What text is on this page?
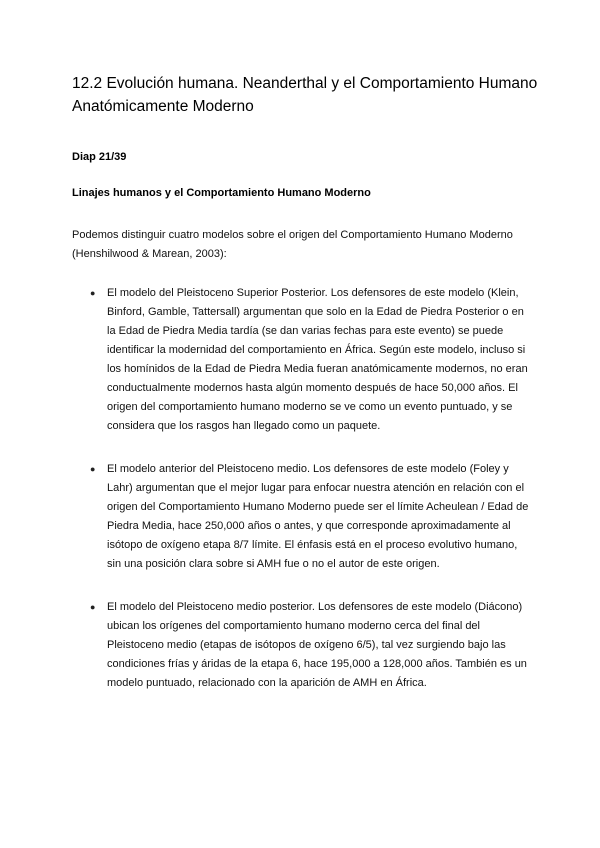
12.2 Evolución humana. Neanderthal y el Comportamiento Humano Anatómicamente Moderno
Diap 21/39
Linajes humanos y el Comportamiento Humano Moderno

Podemos distinguir cuatro modelos sobre el origen del Comportamiento Humano Moderno (Henshilwood & Marean, 2003):

● El modelo del Pleistoceno Superior Posterior. Los defensores de este modelo (Klein, Binford, Gamble, Tattersall) argumentan que solo en la Edad de Piedra Posterior o en la Edad de Piedra Media tardía (se dan varias fechas para este evento) se puede identificar la modernidad del comportamiento en África. Según este modelo, incluso si los homínidos de la Edad de Piedra Media fueran anatómicamente modernos, no eran conductualmente modernos hasta algún momento después de hace 50,000 años. El origen del comportamiento humano moderno se ve como un evento puntuado, y se considera que los rasgos han llegado como un paquete.
● El modelo anterior del Pleistoceno medio. Los defensores de este modelo (Foley y Lahr) argumentan que el mejor lugar para enfocar nuestra atención en relación con el origen del Comportamiento Humano Moderno puede ser el límite Acheulean / Edad de Piedra Media, hace 250,000 años o antes, y que corresponde aproximadamente al isótopo de oxígeno etapa 8/7 límite. El énfasis está en el proceso evolutivo humano, sin una posición clara sobre si AMH fue o no el autor de este origen.
● El modelo del Pleistoceno medio posterior. Los defensores de este modelo (Diácono) ubican los orígenes del comportamiento humano moderno cerca del final del Pleistoceno medio (etapas de isótopos de oxígeno 6/5), tal vez surgiendo bajo las condiciones frías y áridas de la etapa 6, hace 195,000 a 128,000 años. También es un modelo puntuado, relacionado con la aparición de AMH en África.
